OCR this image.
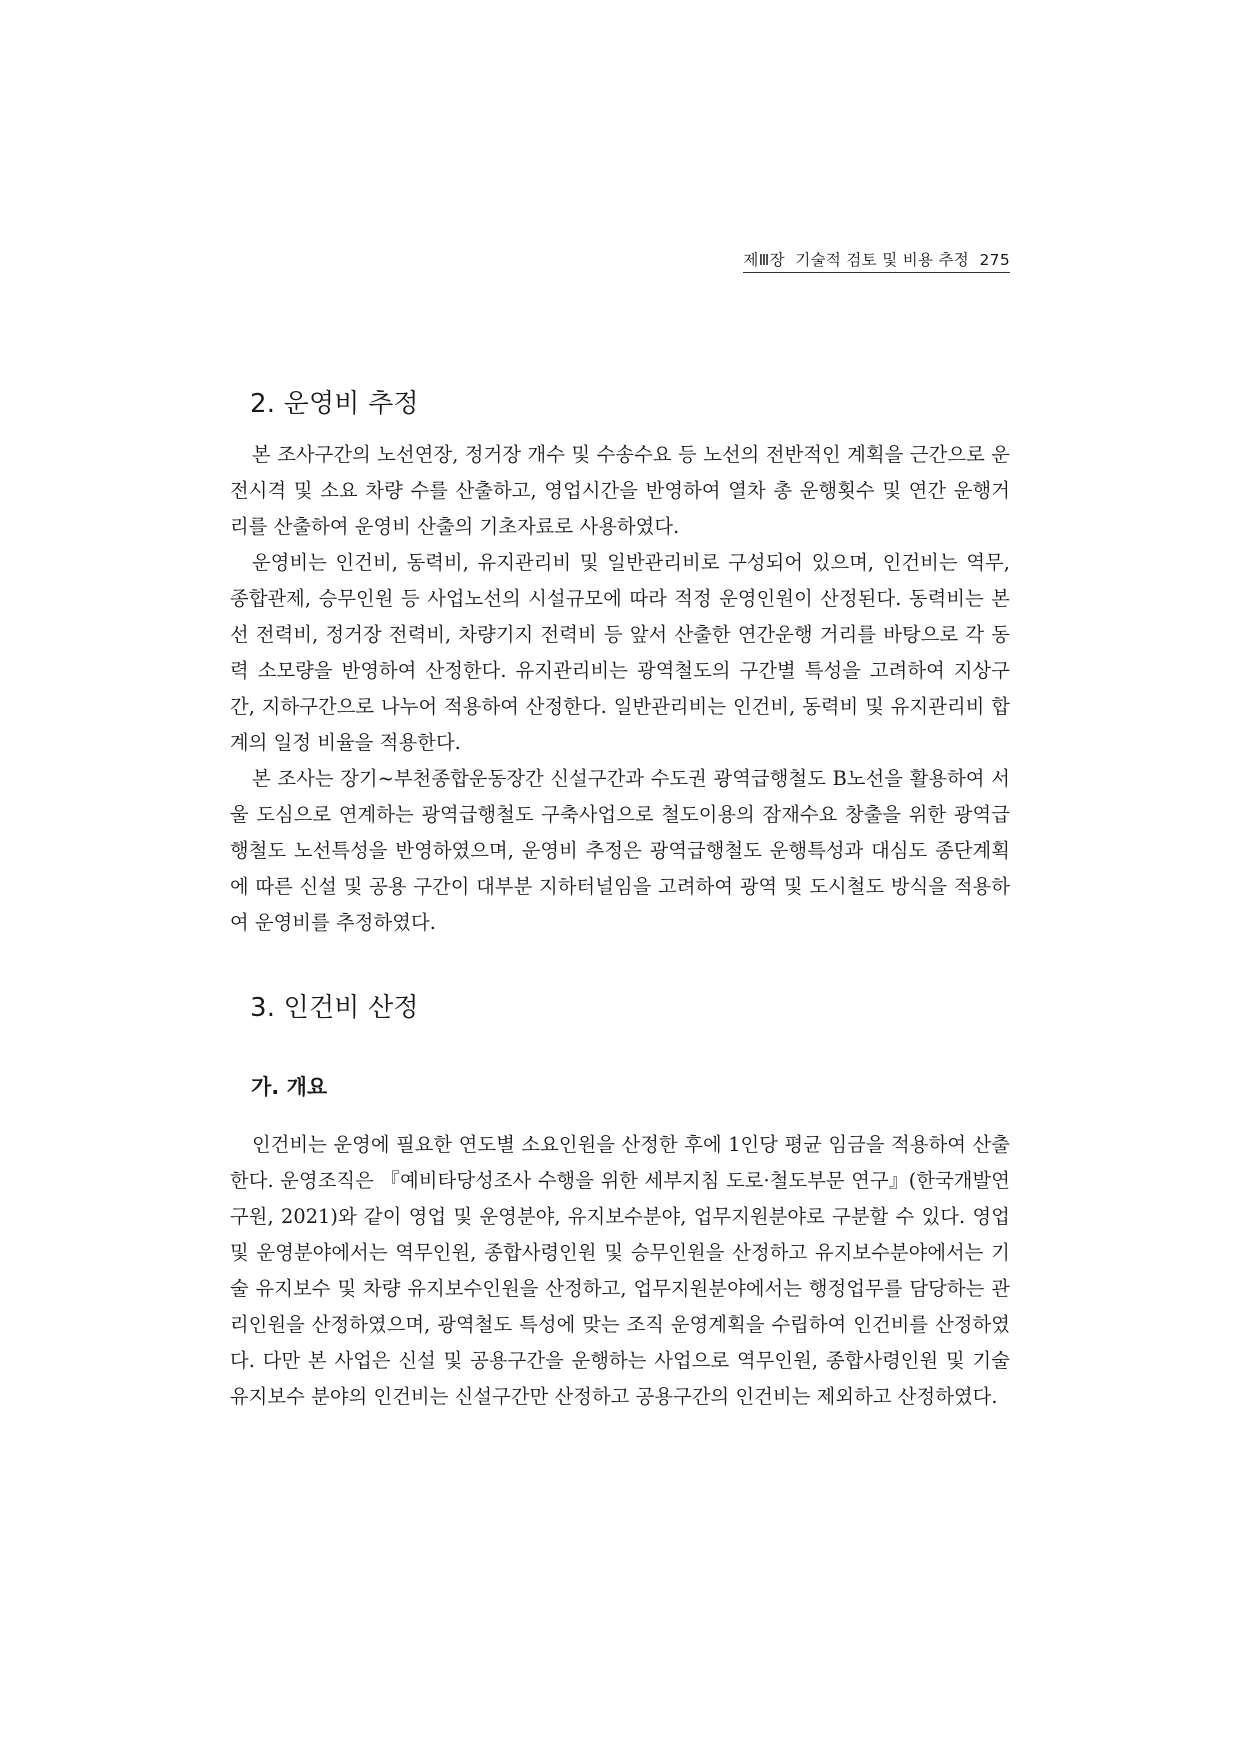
제Ⅲ장  기술적 검토 및 비용 추정 275
2. 운영비 추정

본 조사구간의 노선연장, 정거장 개수 및 수송수요 등 노선의 전반적인 계획을 근간으로 운전시격 및 소요 차량 수를 산출하고, 영업시간을 반영하여 열차 총 운행횟수 및 연간 운행거리를 산출하여 운영비 산출의 기초자료로 사용하였다.

운영비는 인건비, 동력비, 유지관리비 및 일반관리비로 구성되어 있으며, 인건비는 역무, 종합관제, 승무인원 등 사업노선의 시설규모에 따라 적정 운영인원이 산정된다. 동력비는 본선 전력비, 정거장 전력비, 차량기지 전력비 등 앞서 산출한 연간운행 거리를 바탕으로 각 동력 소모량을 반영하여 산정한다. 유지관리비는 광역철도의 구간별 특성을 고려하여 지상구간, 지하구간으로 나누어 적용하여 산정한다. 일반관리비는 인건비, 동력비 및 유지관리비 합계의 일정 비율을 적용한다.

본 조사는 장기~부천종합운동장간 신설구간과 수도권 광역급행철도 B노선을 활용하여 서울 도심으로 연계하는 광역급행철도 구축사업으로 철도이용의 잠재수요 창출을 위한 광역급행철도 노선특성을 반영하였으며, 운영비 추정은 광역급행철도 운행특성과 대심도 종단계획에 따른 신설 및 공용 구간이 대부분 지하터널임을 고려하여 광역 및 도시철도 방식을 적용하여 운영비를 추정하였다.

3. 인건비 산정
가. 개요

인건비는 운영에 필요한 연도별 소요인원을 산정한 후에 1인당 평균 임금을 적용하여 산출한다. 운영조직은 『예비타당성조사 수행을 위한 세부지침 도로·철도부문 연구』(한국개발연구원, 2021)와 같이 영업 및 운영분야, 유지보수분야, 업무지원분야로 구분할 수 있다. 영업 및 운영분야에서는 역무인원, 종합사령인원 및 승무인원을 산정하고 유지보수분야에서는 기술 유지보수 및 차량 유지보수인원을 산정하고, 업무지원분야에서는 행정업무를 담당하는 관리인원을 산정하였으며, 광역철도 특성에 맞는 조직 운영계획을 수립하여 인건비를 산정하였다. 다만 본 사업은 신설 및 공용구간을 운행하는 사업으로 역무인원, 종합사령인원 및 기술유지보수 분야의 인건비는 신설구간만 산정하고 공용구간의 인건비는 제외하고 산정하였다.
